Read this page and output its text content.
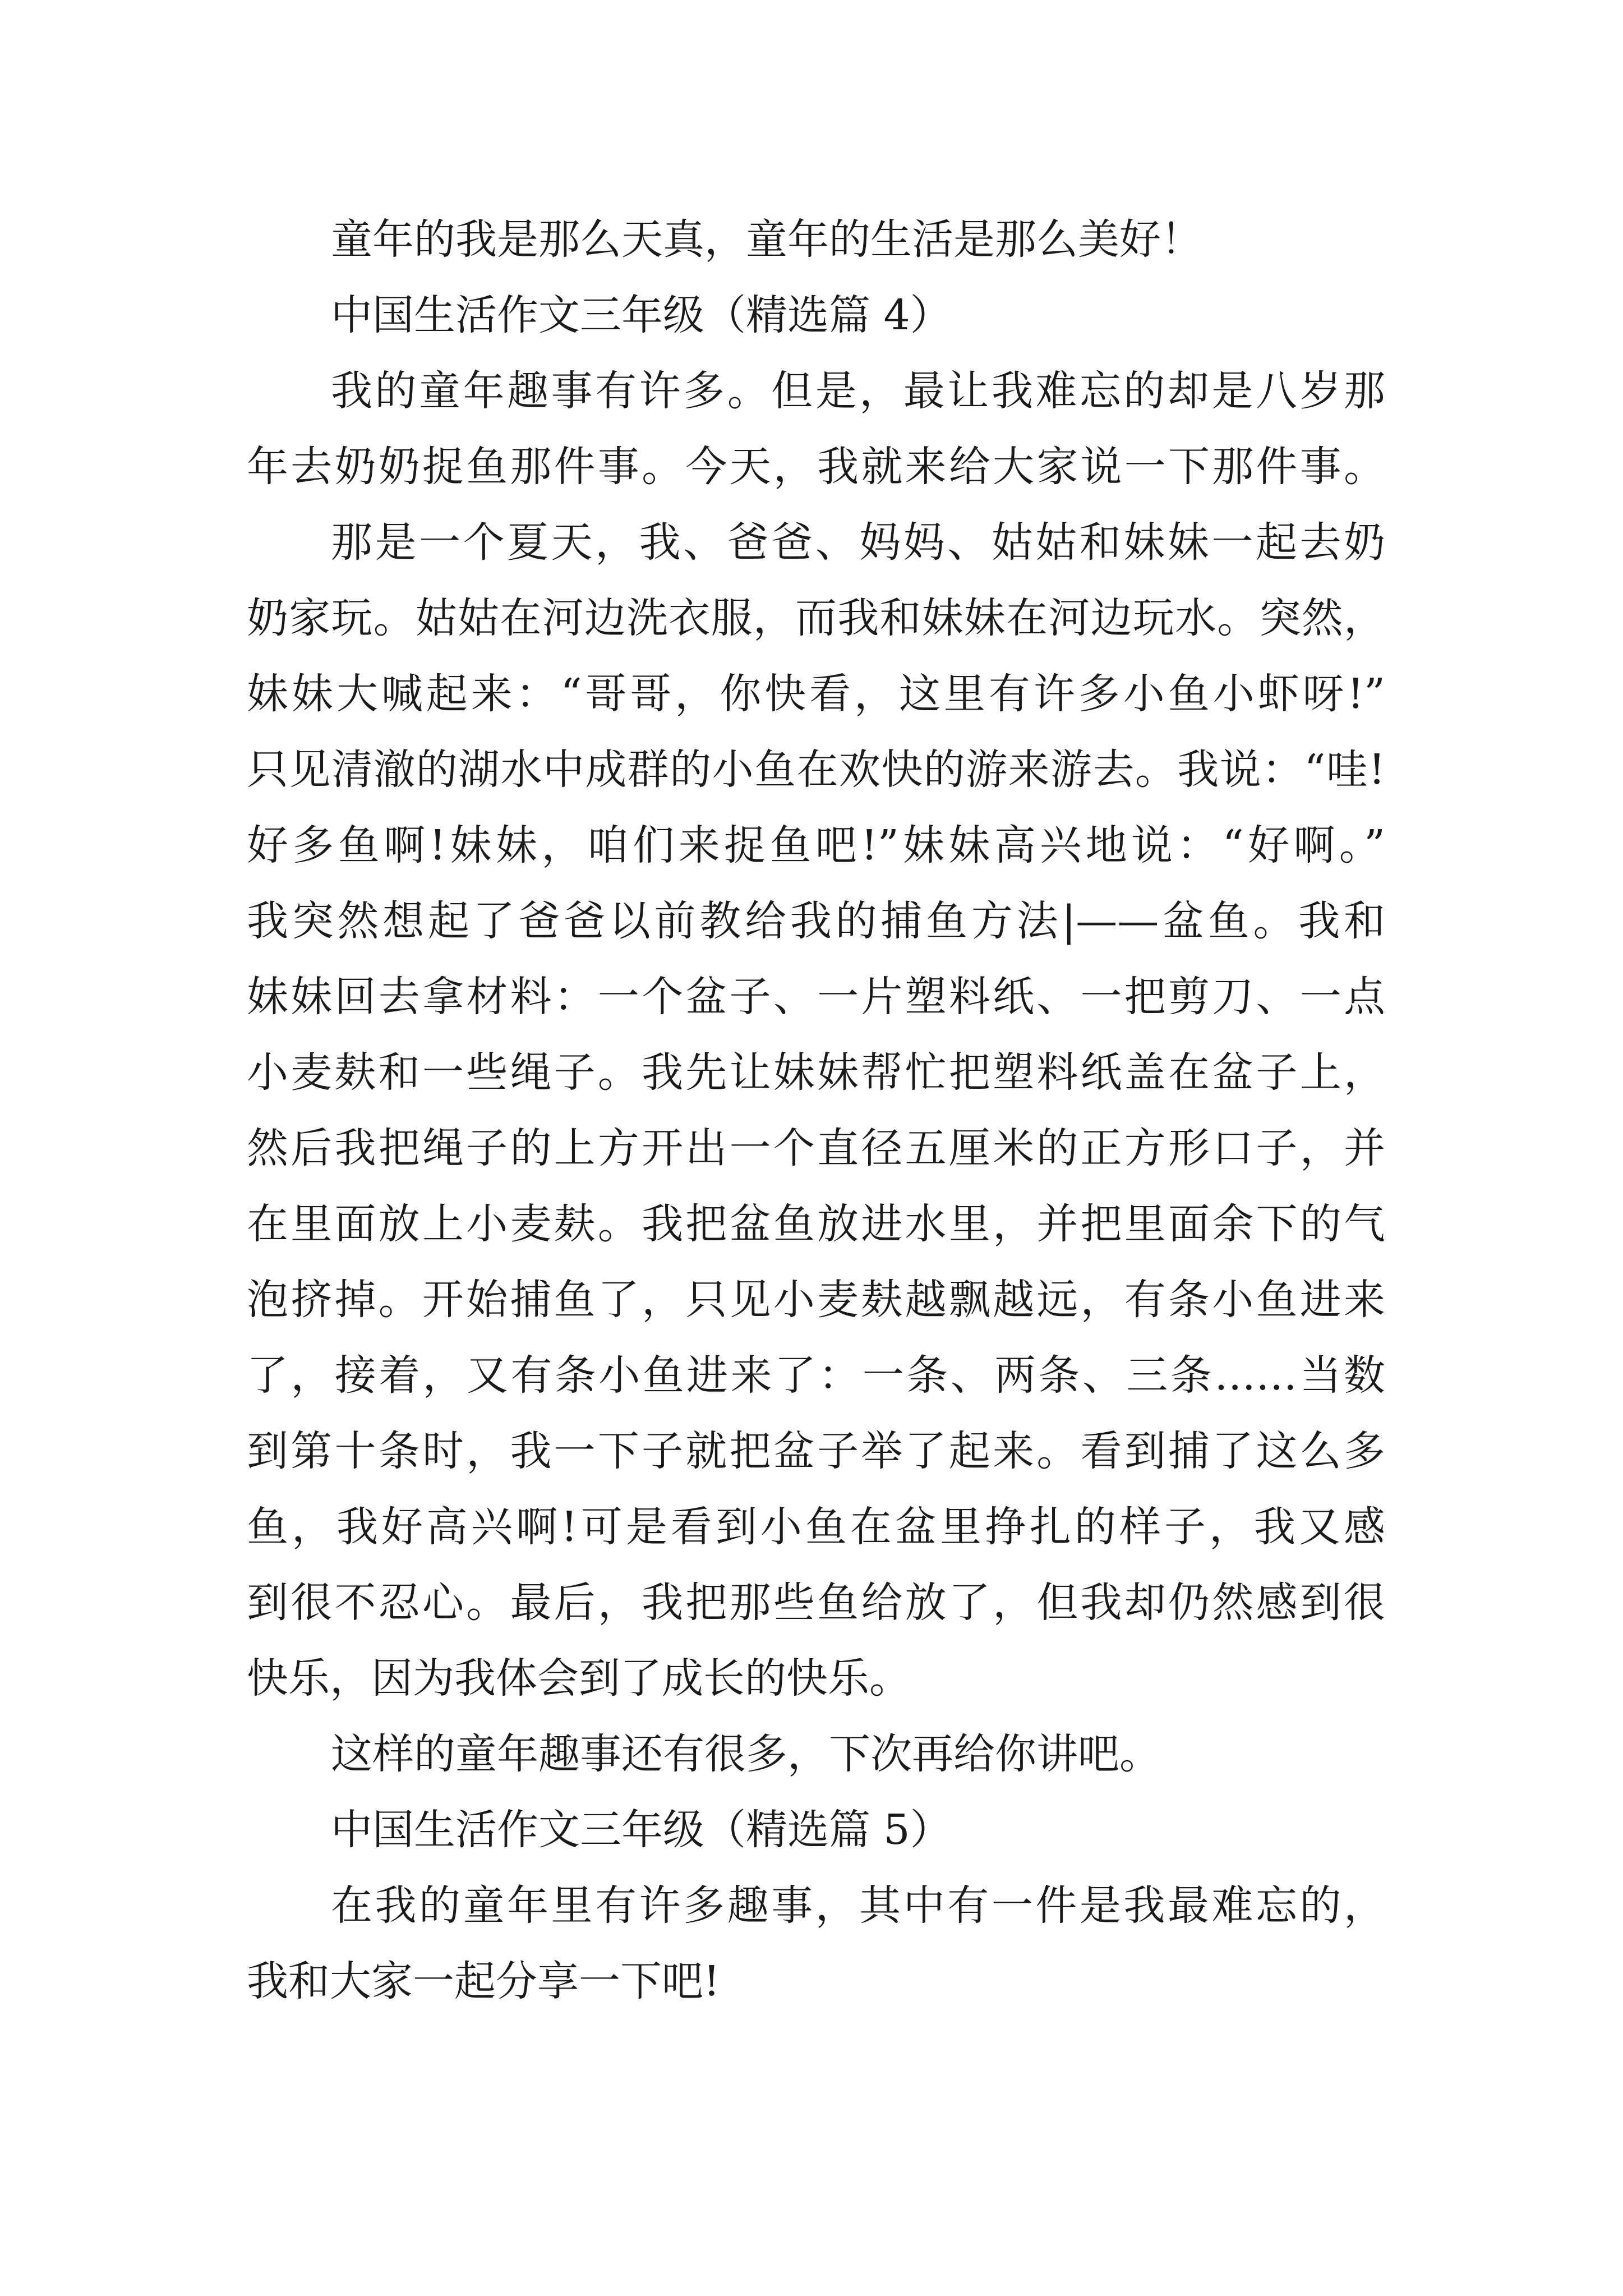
童年的我是那么天真，童年的生活是那么美好！
中国生活作文三年级（精选篇 4）
我的童年趣事有许多。但是，最让我难忘的却是八岁那
年去奶奶捉鱼那件事。今天，我就来给大家说一下那件事。
那是一个夏天，我、爸爸、妈妈、姑姑和妹妹一起去奶
奶家玩。姑姑在河边洗衣服，而我和妹妹在河边玩水。突然，
妹妹大喊起来：“哥哥，你快看，这里有许多小鱼小虾呀!”
只见清澈的湖水中成群的小鱼在欢快的游来游去。我说：“哇!
好多鱼啊!妹妹，咱们来捉鱼吧!”妹妹高兴地说：“好啊。”
我突然想起了爸爸以前教给我的捕鱼方法|——盆鱼。我和
妹妹回去拿材料：一个盆子、一片塑料纸、一把剪刀、一点
小麦麸和一些绳子。我先让妹妹帮忙把塑料纸盖在盆子上，
然后我把绳子的上方开出一个直径五厘米的正方形口子，并
在里面放上小麦麸。我把盆鱼放进水里，并把里面余下的气
泡挤掉。开始捕鱼了，只见小麦麸越飘越远，有条小鱼进来
了，接着，又有条小鱼进来了：一条、两条、三条……当数
到第十条时，我一下子就把盆子举了起来。看到捕了这么多
鱼，我好高兴啊!可是看到小鱼在盆里挣扎的样子，我又感
到很不忍心。最后，我把那些鱼给放了，但我却仍然感到很
快乐，因为我体会到了成长的快乐。
这样的童年趣事还有很多，下次再给你讲吧。
中国生活作文三年级（精选篇 5）
在我的童年里有许多趣事，其中有一件是我最难忘的，
我和大家一起分享一下吧!
